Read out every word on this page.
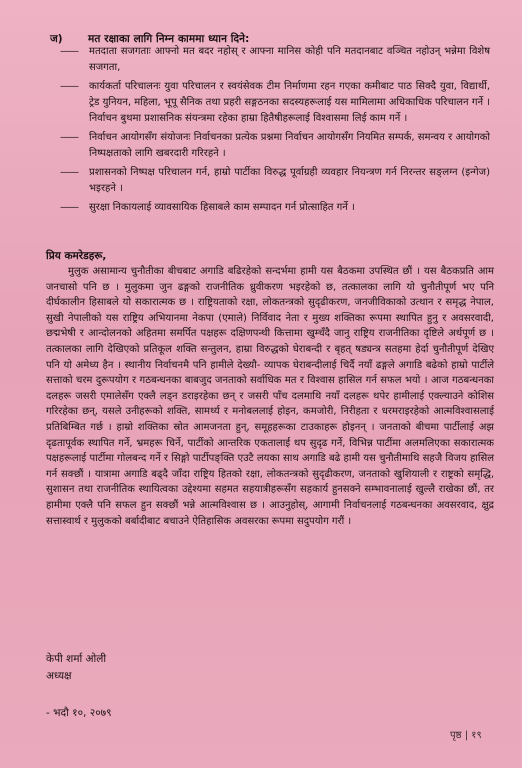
ज) मत रक्षाका लागि निम्न काममा ध्यान दिने:
——	मतदाता सजगताः आफ्नो मत बदर नहोस् र आफ्ना मानिस कोही पनि मतदानबाट वञ्चित नहोउन् भन्नेमा विशेष सजगता,

——	कार्यकर्ता परिचालनः युवा परिचालन र स्वयंसेवक टीम निर्माणमा रहन गएका कमीबाट पाठ सिक्दै युवा, विद्यार्थी, ट्रेड युनियन, महिला, भूपू सैनिक तथा प्रहरी सङ्गठनका सदस्यहरूलाई यस मामिलामा अधिकाधिक परिचालन गर्ने । निर्वाचन बुथमा प्रशासनिक संयन्त्रमा रहेका हाम्रा हितैषीहरूलाई विश्वासमा लिई काम गर्ने ।

——	निर्वाचन आयोगसँग संयोजनः निर्वाचनका प्रत्येक प्रश्नमा निर्वाचन आयोगसँग नियमित सम्पर्क, समन्वय र आयोगको निष्पक्षताको लागि खबरदारी गरिरहने ।

——	प्रशासनको निष्पक्ष परिचालन गर्न, हाम्रो पार्टीका विरुद्ध पूर्वाग्रही व्यवहार नियन्त्रण गर्न निरन्तर सङ्लग्न (इन्गेज) भइरहने ।

——	सुरक्षा निकायलाई व्यावसायिक हिसाबले काम सम्पादन गर्न प्रोत्साहित गर्ने ।

प्रिय कमरेडहरू,
मुलुक असामान्य चुनौतीका बीचबाट अगाडि बढिरहेको सन्दर्भमा हामी यस बैठकमा उपस्थित छौं । यस बैठकप्रति आम जनचासो पनि छ । मुलुकमा जुन ढङ्गको राजनीतिक ध्रुवीकरण भइरहेको छ, तत्कालका लागि यो चुनौतीपूर्ण भए पनि दीर्घकालीन हिसाबले यो सकारात्मक छ । राष्ट्रियताको रक्षा, लोकतन्त्रको सुदृढीकरण, जनजीविकाको उत्थान र समृद्ध नेपाल, सुखी नेपालीको यस राष्ट्रिय अभियानमा नेकपा (एमाले) निर्विवाद नेता र मुख्य शक्तिका रूपमा स्थापित हुनु र अवसरवादी, छद्मभेषी र आन्दोलनको अहितमा समर्पित पक्षहरू दक्षिणपन्थी कित्तामा खुम्चँदै जानु राष्ट्रिय राजनीतिका दृष्टिले अर्थपूर्ण छ । तत्कालका लागि देखिएको प्रतिकूल शक्ति सन्तुलन, हाम्रा विरुद्धको घेराबन्दी र बृहत् षड्यन्त्र सतहमा हेर्दा चुनौतीपूर्ण देखिए पनि यो अमेध्य हैन । स्थानीय निर्वाचनमै पनि हामीले देख्यौ- व्यापक घेराबन्दीलाई चिर्दै नयाँ ढङ्गले अगाडि बढेको हाम्रो पार्टीले सत्ताको चरम दुरूपयोग र गठबन्धनका बाबजुद जनताको सर्वाधिक मत र विश्वास हासिल गर्न सफल भयो । आज गठबन्धनका दलहरू जसरी एमालेसँग एक्लै लड्न डराइरहेका छन् र जसरी पाँच दलमाथि नयाँ दलहरू थपेर हामीलाई एक्ल्याउने कोशिस गरिरहेका छन्, यसले उनीहरूको शक्ति, सामर्थ्य र मनोबललाई होइन, कमजोरी, निरीहता र धरमराइरहेको आत्मविश्वासलाई प्रतिबिम्बित गर्छ । हाम्रो शक्तिका स्रोत आमजनता हुन्, समूहहरूका टाउकाहरू होइनन् । जनताको बीचमा पार्टीलाई अझ दृढतापूर्वक स्थापित गर्ने, भ्रमहरू चिर्ने, पार्टीको आन्तरिक एकतालाई थप सुदृढ गर्ने, विभिन्न पार्टीमा अलमलिएका सकारात्मक पक्षहरूलाई पार्टीमा गोलबन्द गर्ने र सिङ्गो पार्टीपङ्क्ति एउटै लयका साथ अगाडि बढे हामी यस चुनौतीमाथि सहजै विजय हासिल गर्न सक्छौं । यात्रामा अगाडि बढ्दै जाँदा राष्ट्रिय हितको रक्षा, लोकतन्त्रको सुदृढीकरण, जनताको खुशियाली र राष्ट्रको समृद्धि, सुशासन तथा राजनीतिक स्थायित्वका उद्देश्यमा सहमत सहयात्रीहरूसँग सहकार्य हुनसक्ने सम्भावनालाई खुल्लै राखेका छौं, तर हामीमा एक्लै पनि सफल हुन सक्छौं भन्ने आत्मविश्वास छ । आउनुहोस्, आगामी निर्वाचनलाई गठबन्धनका अवसरवाद, क्षुद्र सत्तास्वार्थ र मुलुकको बर्बादीबाट बचाउने ऐतिहासिक अवसरका रूपमा सदुपयोग गरौं ।
केपी शर्मा ओली
अध्यक्ष
- भदौ १०, २०७९
पृष्ठ | १९
